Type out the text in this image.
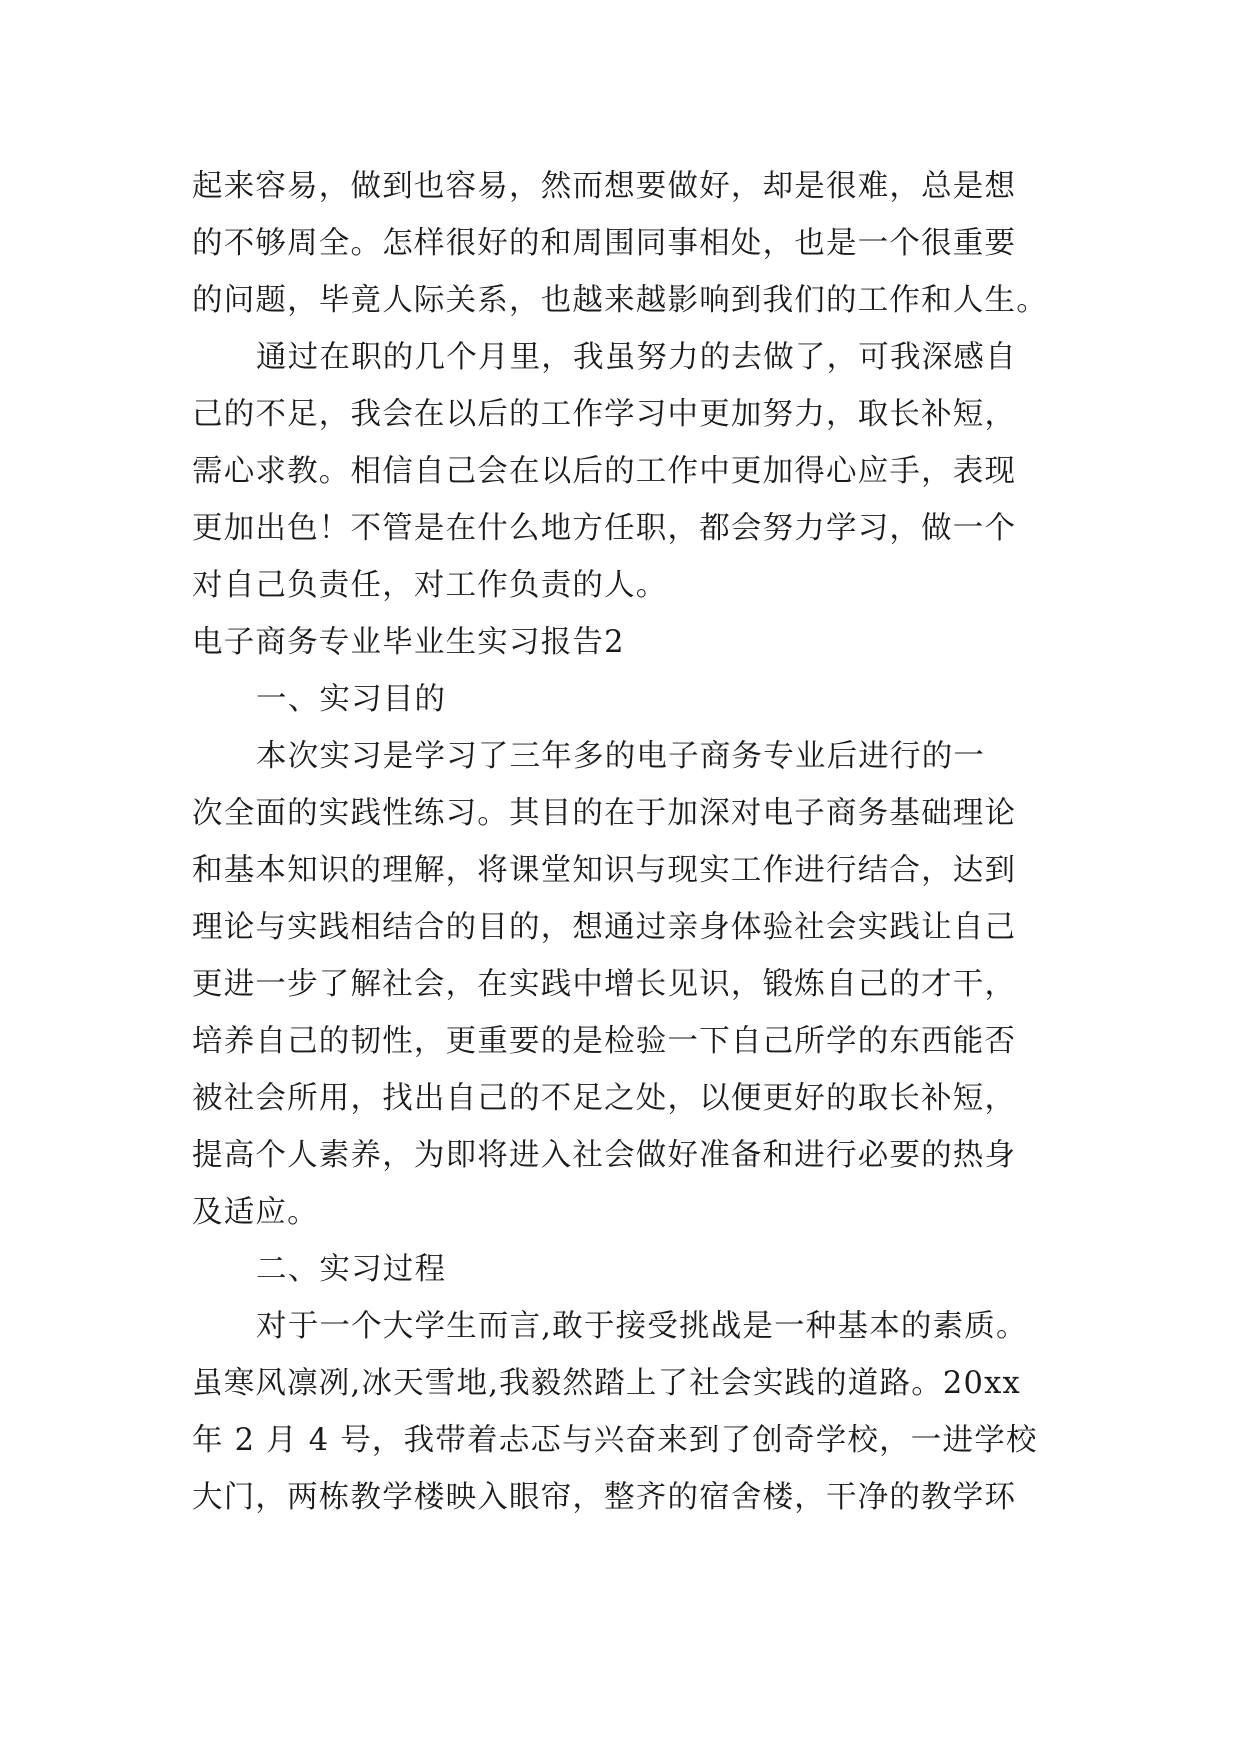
起来容易，做到也容易，然而想要做好，却是很难，总是想
的不够周全。怎样很好的和周围同事相处，也是一个很重要
的问题，毕竟人际关系，也越来越影响到我们的工作和人生。
通过在职的几个月里，我虽努力的去做了，可我深感自
己的不足，我会在以后的工作学习中更加努力，取长补短，
需心求教。相信自己会在以后的工作中更加得心应手，表现
更加出色！不管是在什么地方任职，都会努力学习，做一个
对自己负责任，对工作负责的人。
电子商务专业毕业生实习报告2
一、实习目的
本次实习是学习了三年多的电子商务专业后进行的一
次全面的实践性练习。其目的在于加深对电子商务基础理论
和基本知识的理解，将课堂知识与现实工作进行结合，达到
理论与实践相结合的目的，想通过亲身体验社会实践让自己
更进一步了解社会，在实践中增长见识，锻炼自己的才干，
培养自己的韧性，更重要的是检验一下自己所学的东西能否
被社会所用，找出自己的不足之处，以便更好的取长补短，
提高个人素养，为即将进入社会做好准备和进行必要的热身
及适应。
二、实习过程
对于一个大学生而言,敢于接受挑战是一种基本的素质。
虽寒风凛冽,冰天雪地,我毅然踏上了社会实践的道路。20xx
年 2 月 4 号，我带着忐忑与兴奋来到了创奇学校，一进学校
大门，两栋教学楼映入眼帘，整齐的宿舍楼，干净的教学环
